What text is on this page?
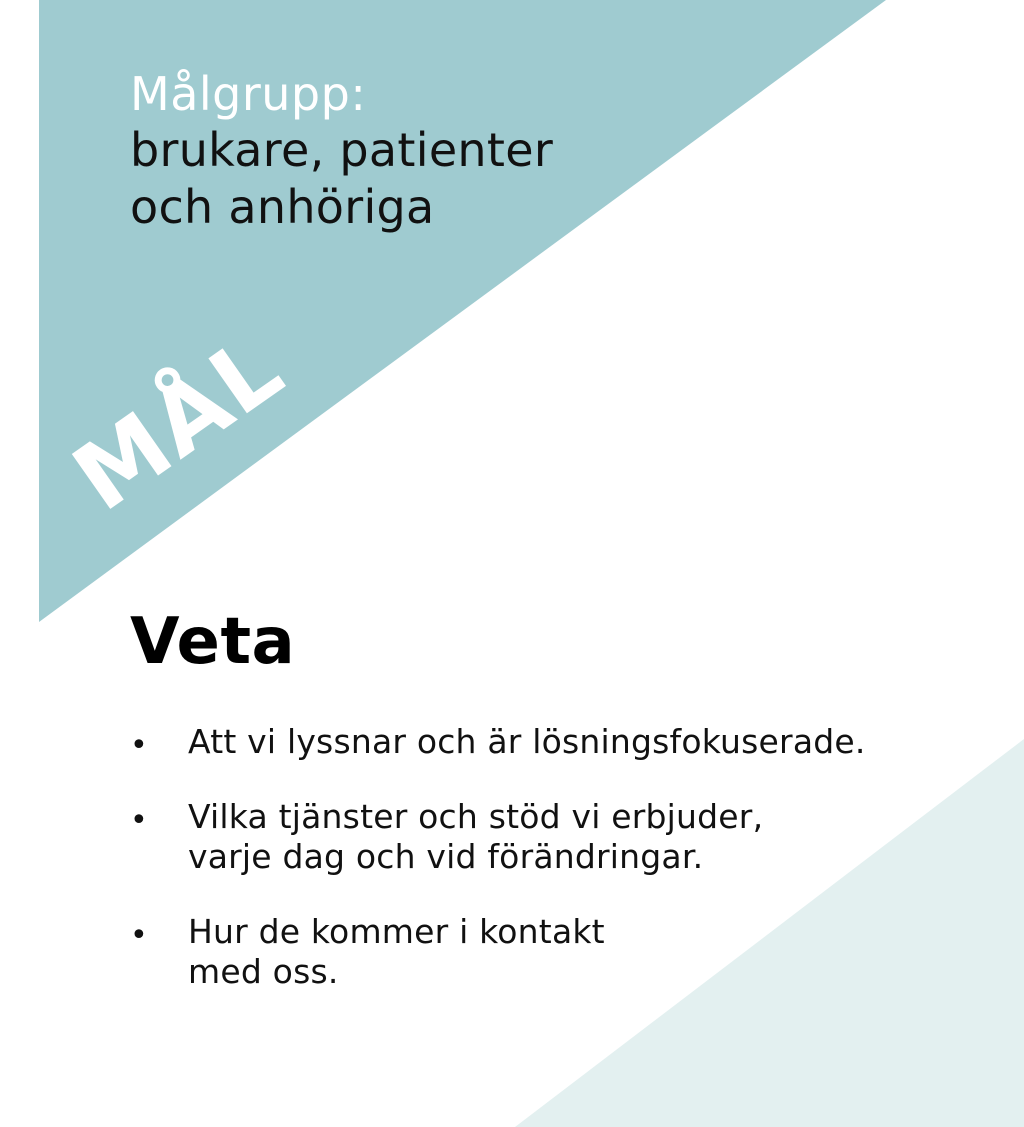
Målgrupp:
brukare, patienter
och anhöriga

MÅL
Veta
• Att vi lyssnar och är lösningsfokuserade.
• Vilka tjänster och stöd vi erbjuder,
varje dag och vid förändringar.
• Hur de kommer i kontakt
med oss.
